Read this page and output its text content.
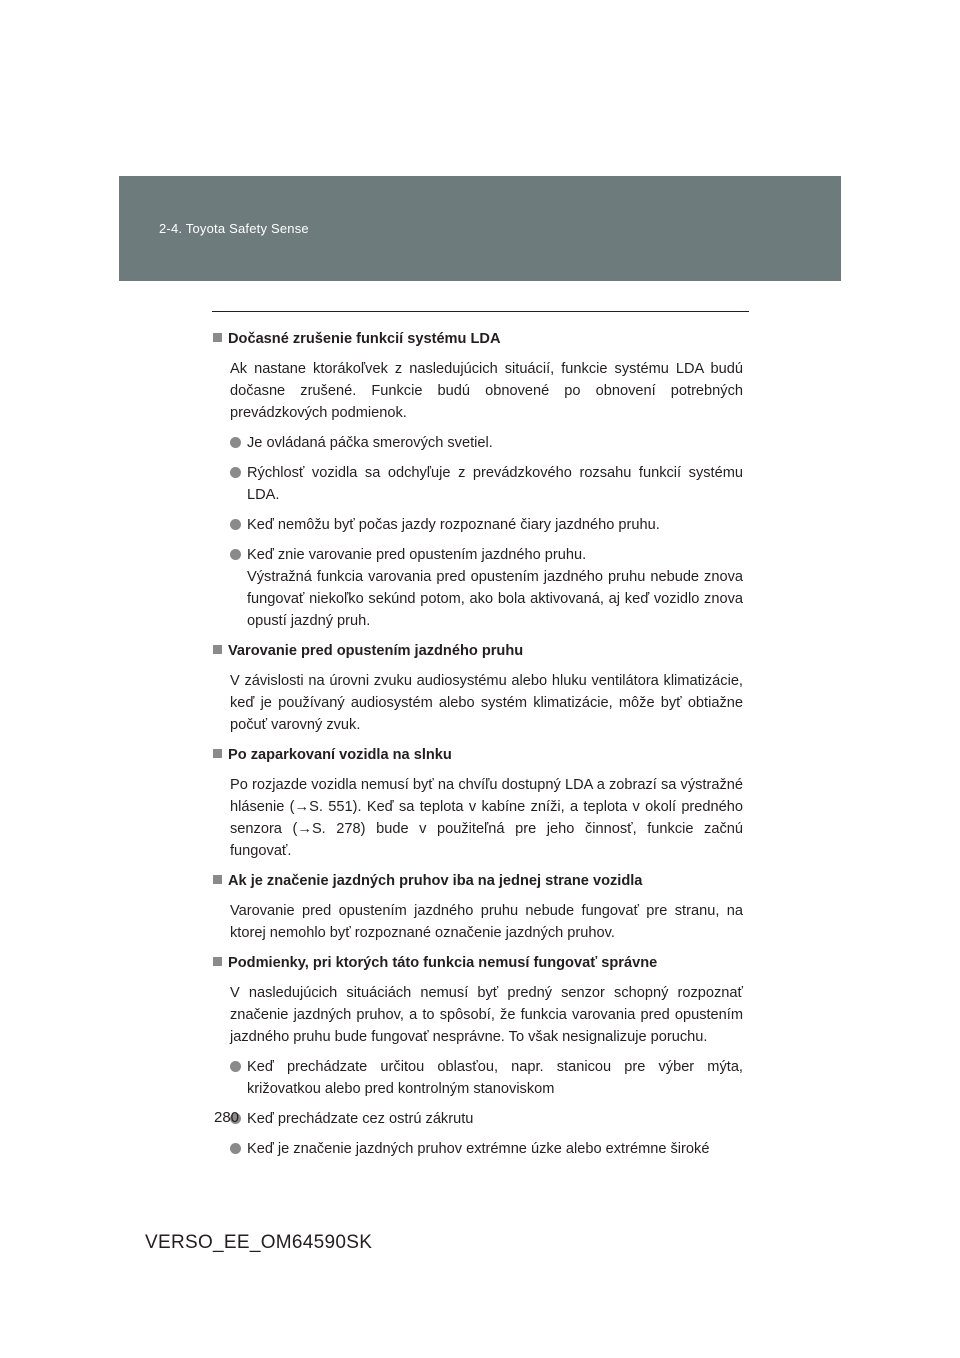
2-4. Toyota Safety Sense
Dočasné zrušenie funkcií systému LDA
Ak nastane ktorákoľvek z nasledujúcich situácií, funkcie systému LDA budú dočasne zrušené. Funkcie budú obnovené po obnovení potrebných prevádzkových podmienok.
Je ovládaná páčka smerových svetiel.
Rýchlosť vozidla sa odchyľuje z prevádzkového rozsahu funkcií systému LDA.
Keď nemôžu byť počas jazdy rozpoznané čiary jazdného pruhu.
Keď znie varovanie pred opustením jazdného pruhu.
Výstražná funkcia varovania pred opustením jazdného pruhu nebude znova fungovať niekoľko sekúnd potom, ako bola aktivovaná, aj keď vozidlo znova opustí jazdný pruh.
Varovanie pred opustením jazdného pruhu
V závislosti na úrovni zvuku audiosystému alebo hluku ventilátora klimatizácie, keď je používaný audiosystém alebo systém klimatizácie, môže byť obtiažne počuť varovný zvuk.
Po zaparkovaní vozidla na slnku
Po rozjazde vozidla nemusí byť na chvíľu dostupný LDA a zobrazí sa výstražné hlásenie (→S. 551). Keď sa teplota v kabíne zníži, a teplota v okolí predného senzora (→S. 278) bude v použiteľná pre jeho činnosť, funkcie začnú fungovať.
Ak je značenie jazdných pruhov iba na jednej strane vozidla
Varovanie pred opustením jazdného pruhu nebude fungovať pre stranu, na ktorej nemohlo byť rozpoznané označenie jazdných pruhov.
Podmienky, pri ktorých táto funkcia nemusí fungovať správne
V nasledujúcich situáciách nemusí byť predný senzor schopný rozpoznať značenie jazdných pruhov, a to spôsobí, že funkcia varovania pred opustením jazdného pruhu bude fungovať nesprávne. To však nesignalizuje poruchu.
Keď prechádzate určitou oblasťou, napr. stanicou pre výber mýta, križovatkou alebo pred kontrolným stanoviskom
Keď prechádzate cez ostrú zákrutu
Keď je značenie jazdných pruhov extrémne úzke alebo extrémne široké
280
VERSO_EE_OM64590SK
